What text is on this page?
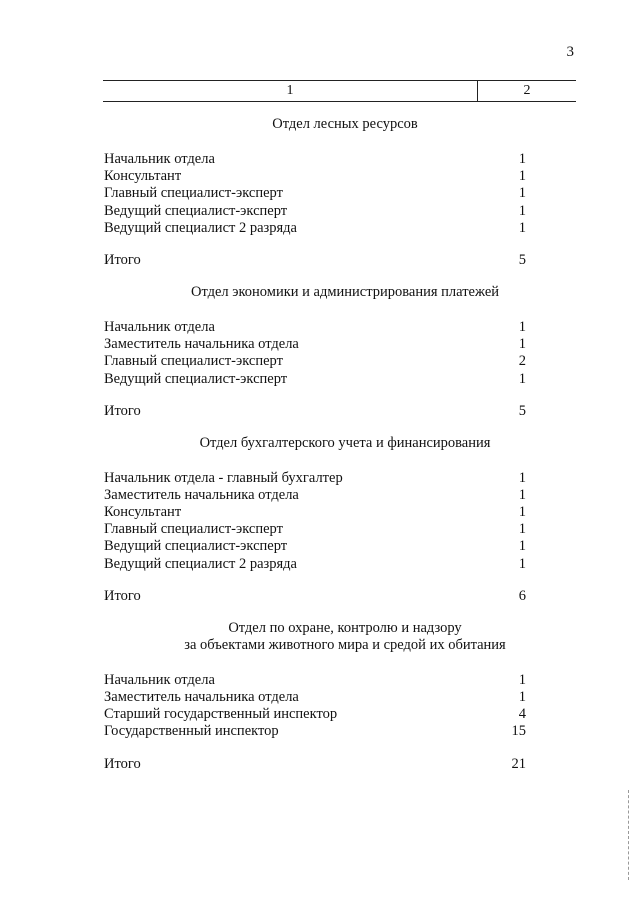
3
1	2
Отдел лесных ресурсов
Начальник отдела	1
Консультант	1
Главный специалист-эксперт	1
Ведущий специалист-эксперт	1
Ведущий специалист 2 разряда	1
Итого	5
Отдел экономики и администрирования платежей
Начальник отдела	1
Заместитель начальника отдела	1
Главный специалист-эксперт	2
Ведущий специалист-эксперт	1
Итого	5
Отдел бухгалтерского учета и финансирования
Начальник отдела - главный бухгалтер	1
Заместитель начальника отдела	1
Консультант	1
Главный специалист-эксперт	1
Ведущий специалист-эксперт	1
Ведущий специалист 2 разряда	1
Итого	6
Отдел по охране, контролю и надзору
за объектами животного мира и средой их обитания
Начальник отдела	1
Заместитель начальника отдела	1
Старший государственный инспектор	4
Государственный инспектор	15
Итого	21
